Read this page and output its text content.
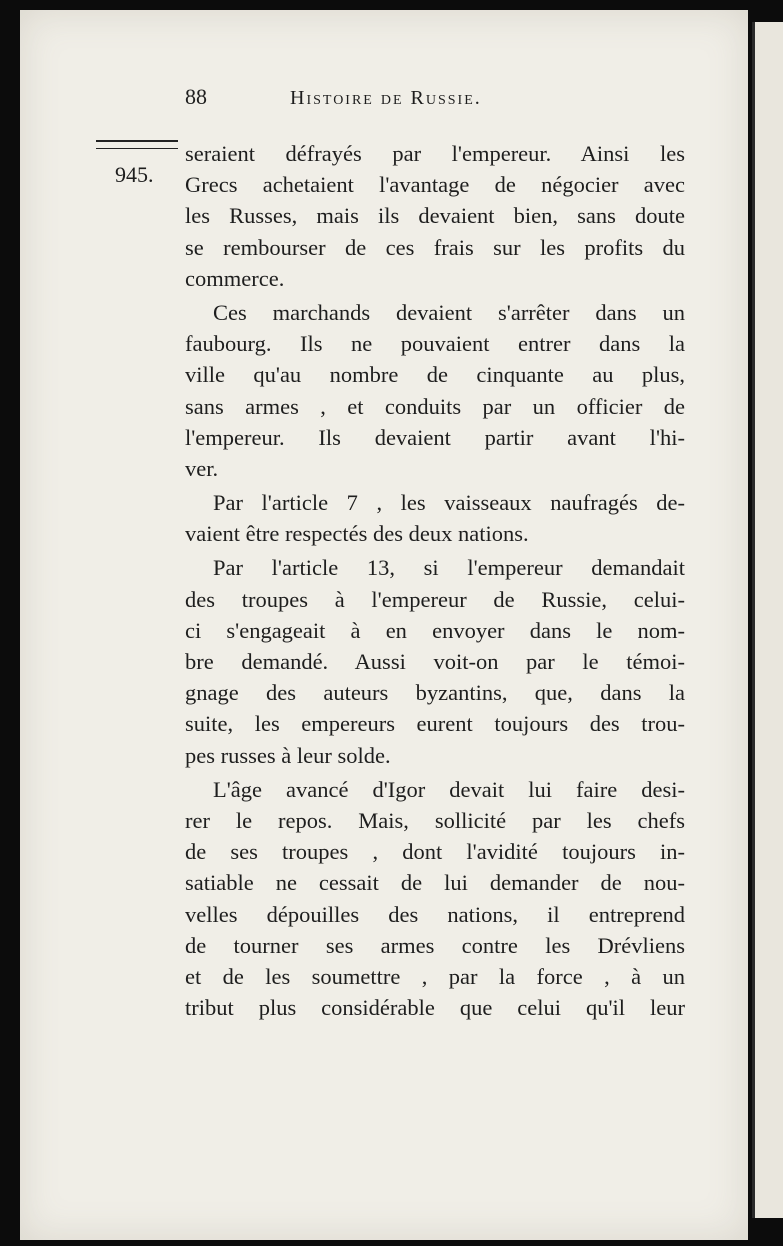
88	Histoire de Russie.
945.
seraient défrayés par l'empereur. Ainsi les
Grecs achetaient l'avantage de négocier avec
les Russes, mais ils devaient bien, sans doute
se rembourser de ces frais sur les profits du
commerce.
Ces marchands devaient s'arrêter dans un
faubourg. Ils ne pouvaient entrer dans la
ville qu'au nombre de cinquante au plus,
sans armes , et conduits par un officier de
l'empereur. Ils devaient partir avant l'hi-
ver.
Par l'article 7 , les vaisseaux naufragés de-
vaient être respectés des deux nations.
Par l'article 13, si l'empereur demandait
des troupes à l'empereur de Russie, celui-
ci s'engageait à en envoyer dans le nom-
bre demandé. Aussi voit-on par le témoi-
gnage des auteurs byzantins, que, dans la
suite, les empereurs eurent toujours des trou-
pes russes à leur solde.
L'âge avancé d'Igor devait lui faire desi-
rer le repos. Mais, sollicité par les chefs
de ses troupes , dont l'avidité toujours in-
satiable ne cessait de lui demander de nou-
velles dépouilles des nations, il entreprend
de tourner ses armes contre les Drévliens
et de les soumettre , par la force , à un
tribut plus considérable que celui qu'il leur
